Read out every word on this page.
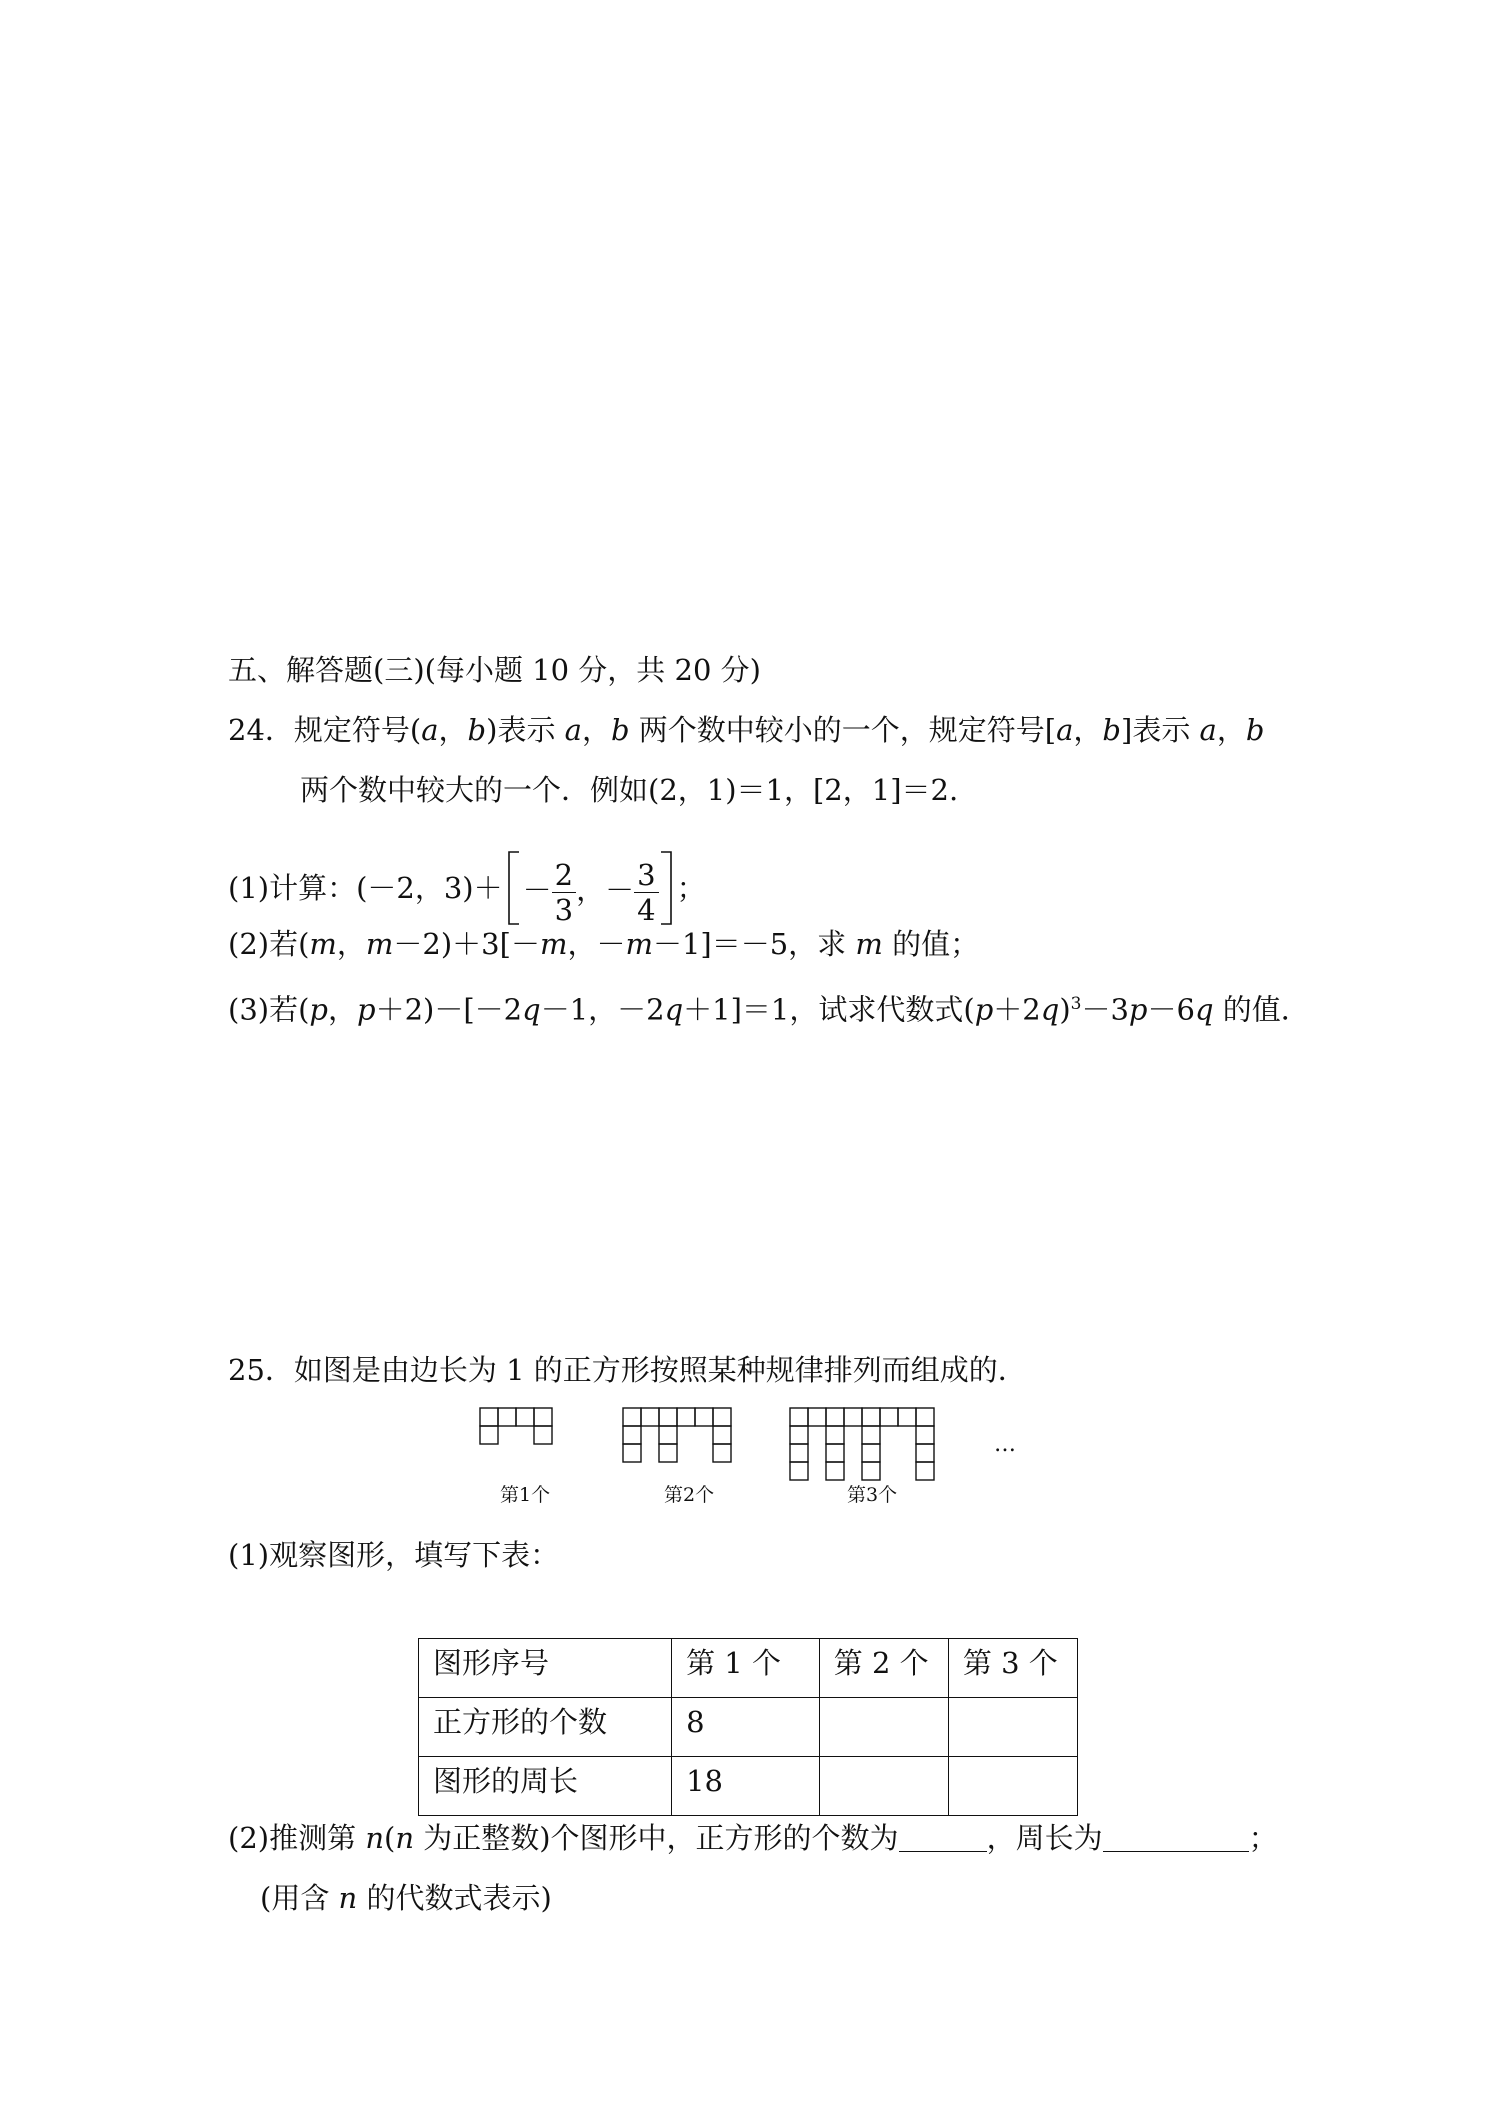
五、解答题(三)(每小题 10 分，共 20 分)
24．规定符号(a，b)表示 a，b 两个数中较小的一个，规定符号[a，b]表示 a，b
两个数中较大的一个．例如(2，1)＝1，[2，1]＝2.
(1)计算：(－2，$3)+ - \frac{2}{3}$ ，－ $\frac{3}{4}$ ；
(2)若(m，m－2)＋3[－m，－m－1]＝－5，求 m 的值；
(3)若(p，p＋2)－[－2q－1，－2q＋1]＝1，试求代数式$(p+2q)^3-3p-6q$ 的值．
25．如图是由边长为 1 的正方形按照某种规律排列而组成的．
第1个	第2个	第3个
…
(1)观察图形，填写下表：
图形序号	第 1 个	第 2 个	第 3 个
正方形的个数	8		
图形的周长	18		
(2)推测第 n(n 为正整数)个图形中，正方形的个数为	，周长为	；
(用含 n 的代数式表示)
